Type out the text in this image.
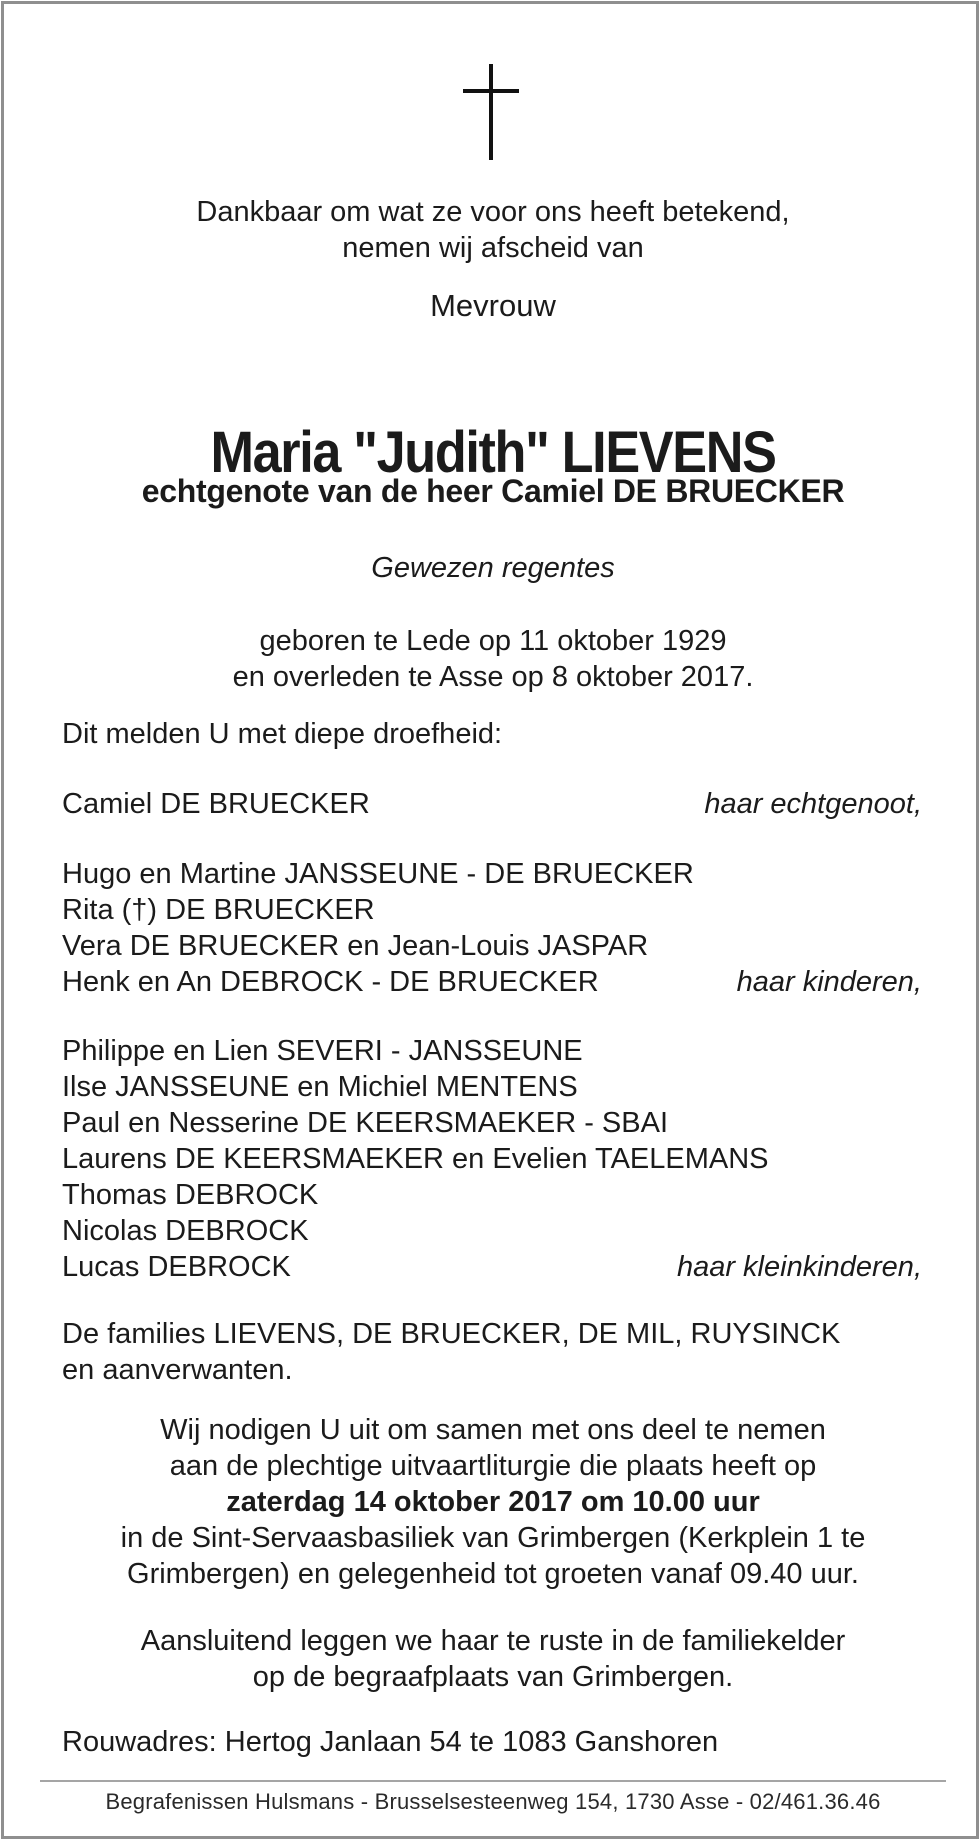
Dankbaar om wat ze voor ons heeft betekend,
nemen wij afscheid van

Mevrouw

Maria "Judith" LIEVENS

echtgenote van de heer Camiel DE BRUECKER

Gewezen regentes

geboren te Lede op 11 oktober 1929
en overleden te Asse op 8 oktober 2017.

Dit melden U met diepe droefheid:

Camiel DE BRUECKER	haar echtgenoot,
Hugo en Martine JANSSEUNE - DE BRUECKER
Rita (†) DE BRUECKER
Vera DE BRUECKER en Jean-Louis JASPAR
Henk en An DEBROCK - DE BRUECKER	haar kinderen,
Philippe en Lien SEVERI - JANSSEUNE
Ilse JANSSEUNE en Michiel MENTENS
Paul en Nesserine DE KEERSMAEKER - SBAI
Laurens DE KEERSMAEKER en Evelien TAELEMANS
Thomas DEBROCK
Nicolas DEBROCK
Lucas DEBROCK	haar kleinkinderen,
De families LIEVENS, DE BRUECKER, DE MIL, RUYSINCK
en aanverwanten.
Wij nodigen U uit om samen met ons deel te nemen
aan de plechtige uitvaartliturgie die plaats heeft op
zaterdag 14 oktober 2017 om 10.00 uur
in de Sint-Servaasbasiliek van Grimbergen (Kerkplein 1 te
Grimbergen) en gelegenheid tot groeten vanaf 09.40 uur.
Aansluitend leggen we haar te ruste in de familiekelder
op de begraafplaats van Grimbergen.

Rouwadres: Hertog Janlaan 54 te 1083 Ganshoren

Begrafenissen Hulsmans - Brusselsesteenweg 154, 1730 Asse - 02/461.36.46
